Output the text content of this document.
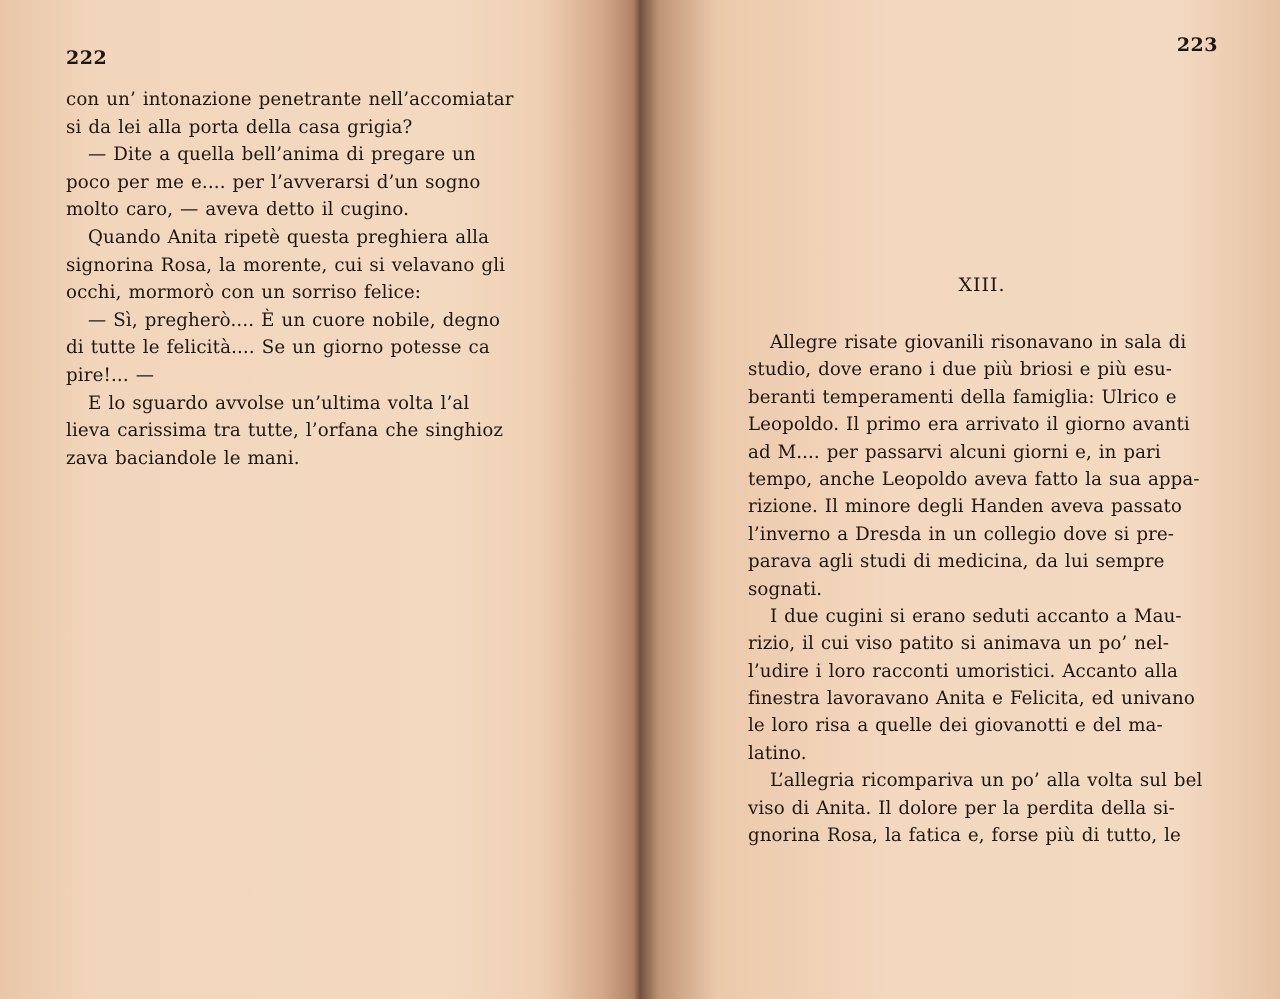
222
con un’ intonazione penetrante nell’accomiatar
si da lei alla porta della casa grigia?
— Dite a quella bell’anima di pregare un
poco per me e.... per l’avverarsi d’un sogno
molto caro, — aveva detto il cugino.
Quando Anita ripetè questa preghiera alla
signorina Rosa, la morente, cui si velavano gli
occhi, mormorò con un sorriso felice:
— Sì, pregherò.... È un cuore nobile, degno
di tutte le felicità.... Se un giorno potesse ca
pire!... —
E lo sguardo avvolse un’ultima volta l’al
lieva carissima tra tutte, l’orfana che singhioz
zava baciandole le mani.
223
XIII.
Allegre risate giovanili risonavano in sala di
studio, dove erano i due più briosi e più esu-
beranti temperamenti della famiglia: Ulrico e
Leopoldo. Il primo era arrivato il giorno avanti
ad M.... per passarvi alcuni giorni e, in pari
tempo, anche Leopoldo aveva fatto la sua appa-
rizione. Il minore degli Handen aveva passato
l’inverno a Dresda in un collegio dove si pre-
parava agli studi di medicina, da lui sempre
sognati.
I due cugini si erano seduti accanto a Mau-
rizio, il cui viso patito si animava un po’ nel-
l’udire i loro racconti umoristici. Accanto alla
finestra lavoravano Anita e Felicita, ed univano
le loro risa a quelle dei giovanotti e del ma-
latino.
L’allegria ricompariva un po’ alla volta sul bel
viso di Anita. Il dolore per la perdita della si-
gnorina Rosa, la fatica e, forse più di tutto, le
